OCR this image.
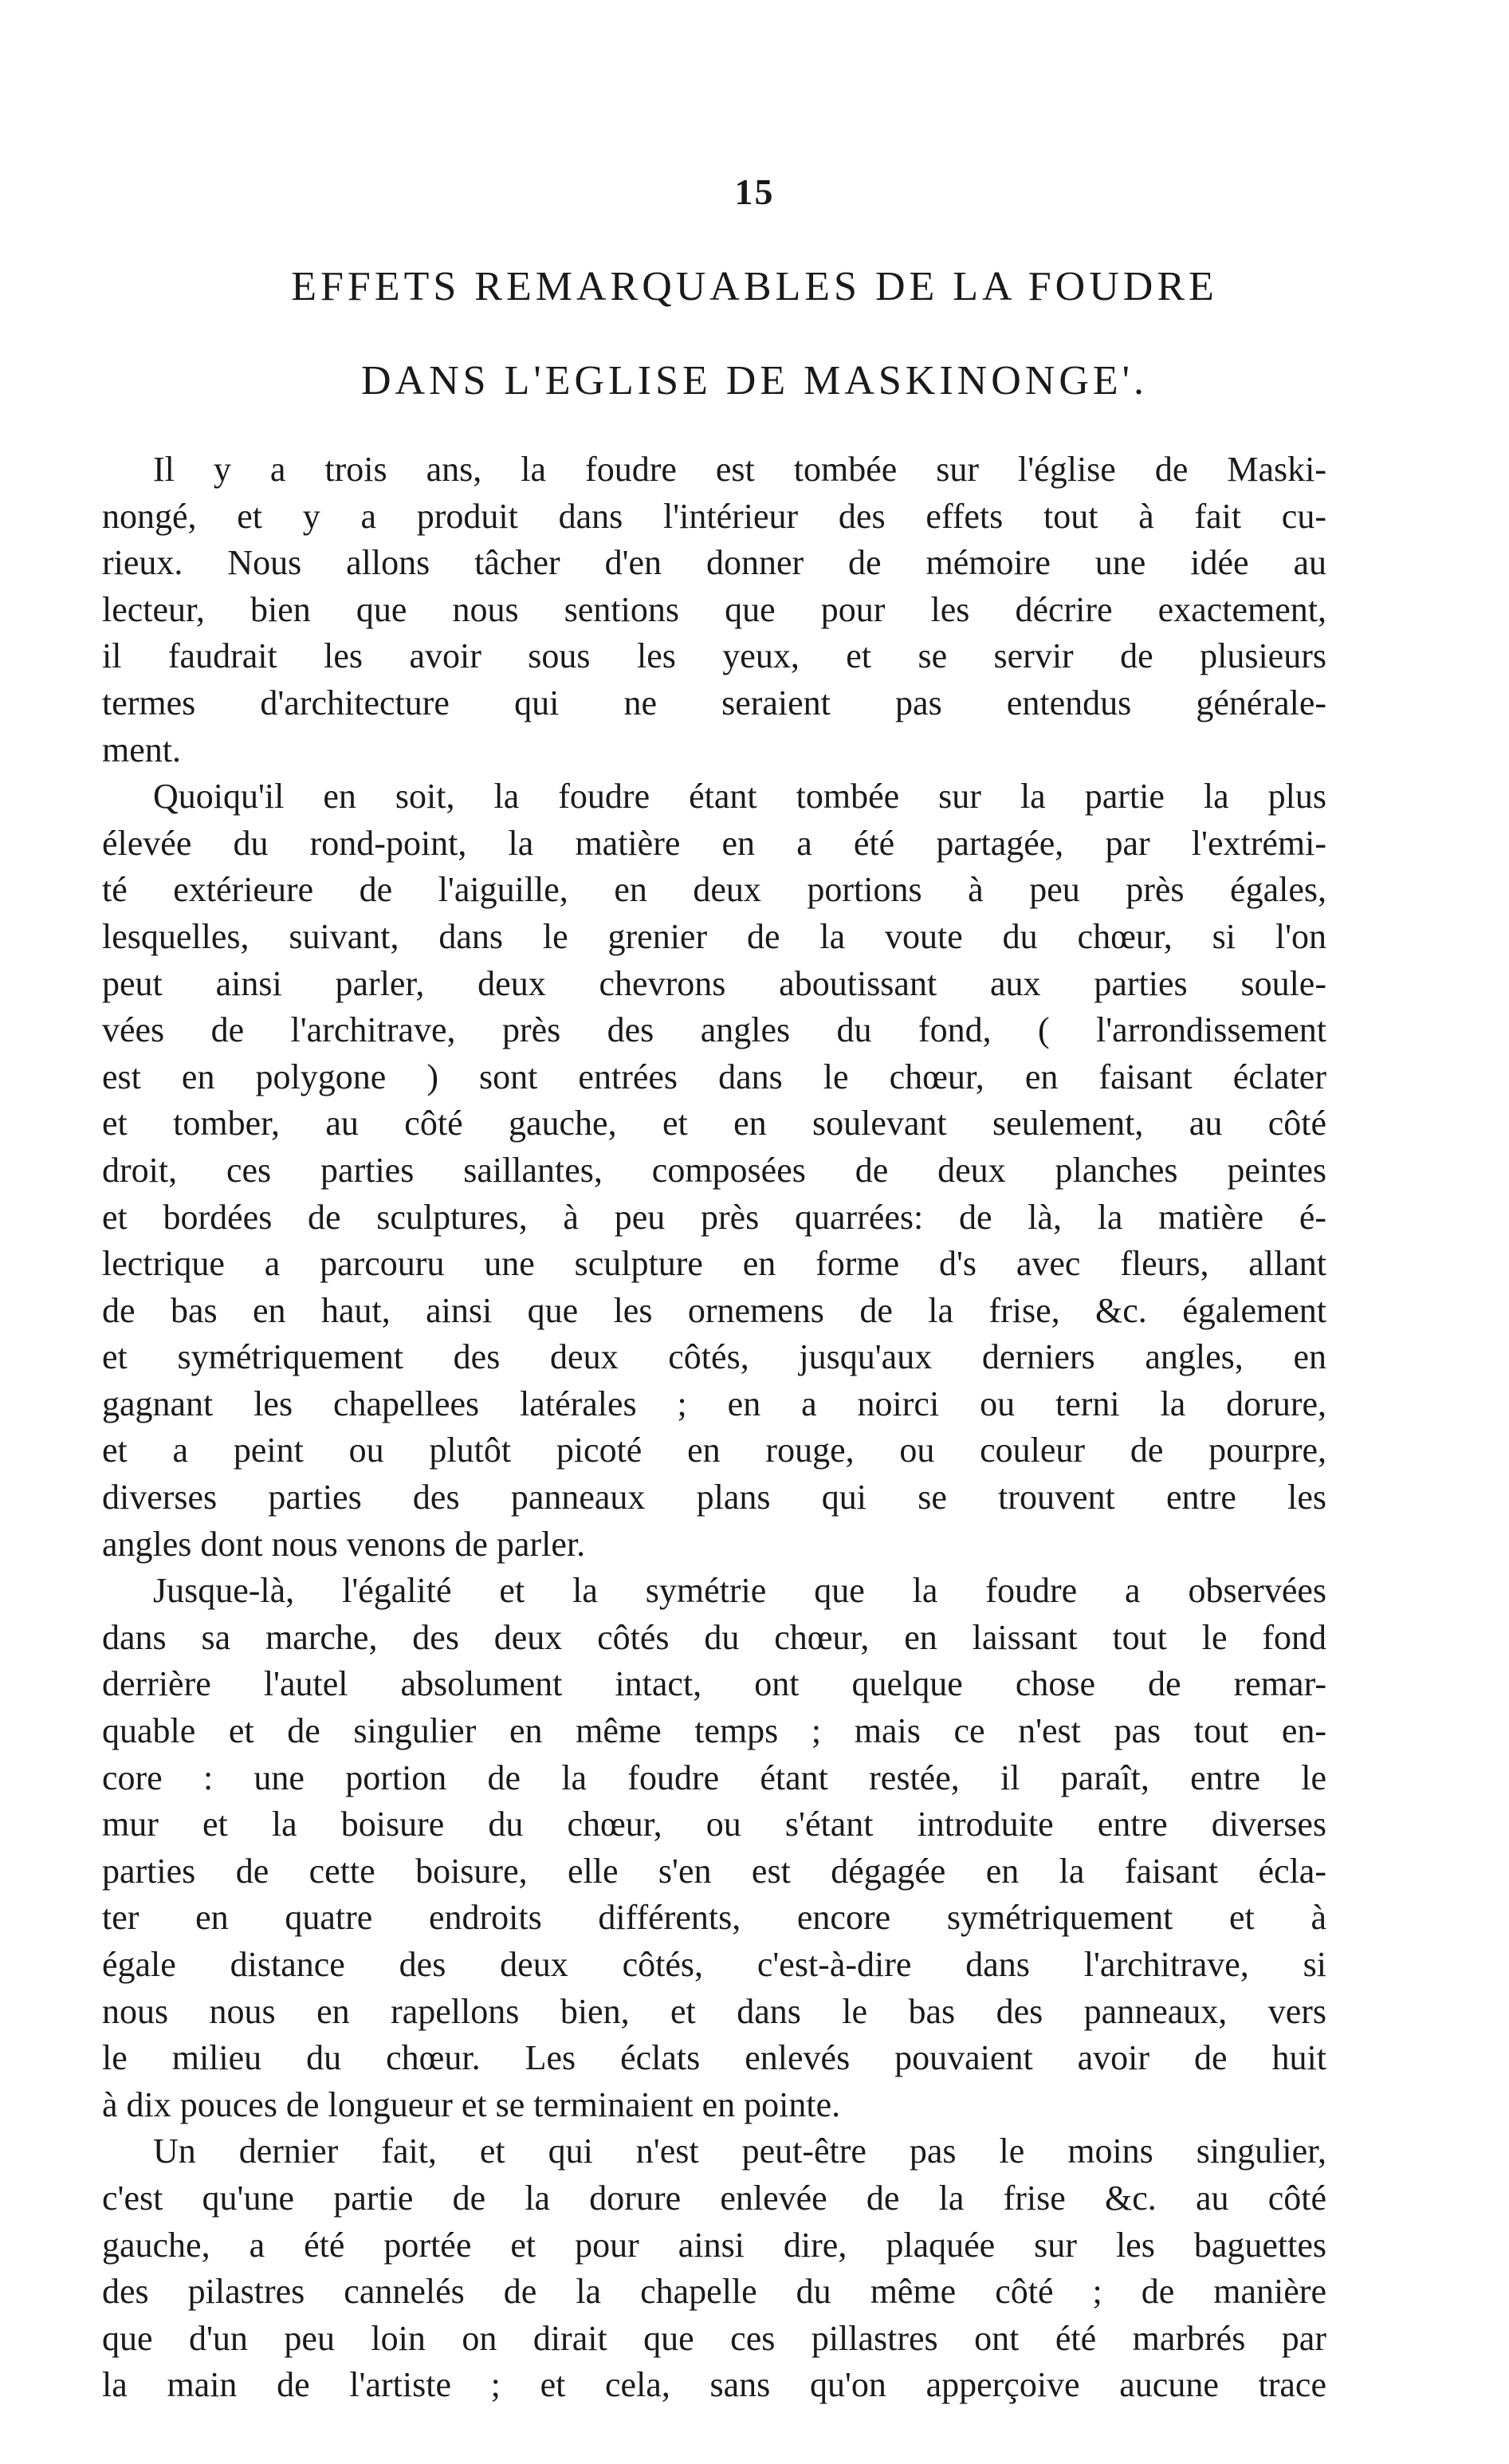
15
EFFETS REMARQUABLES DE LA FOUDRE
DANS L'EGLISE DE MASKINONGE'.
Il y a trois ans, la foudre est tombée sur l'église de Maski-
nongé, et y a produit dans l'intérieur des effets tout à fait cu-
rieux. Nous allons tâcher d'en donner de mémoire une idée au
lecteur, bien que nous sentions que pour les décrire exactement,
il faudrait les avoir sous les yeux, et se servir de plusieurs
termes d'architecture qui ne seraient pas entendus générale-
ment.
Quoiqu'il en soit, la foudre étant tombée sur la partie la plus
élevée du rond-point, la matière en a été partagée, par l'extrémi-
té extérieure de l'aiguille, en deux portions à peu près égales,
lesquelles, suivant, dans le grenier de la voute du chœur, si l'on
peut ainsi parler, deux chevrons aboutissant aux parties soule-
vées de l'architrave, près des angles du fond, ( l'arrondissement
est en polygone ) sont entrées dans le chœur, en faisant éclater
et tomber, au côté gauche, et en soulevant seulement, au côté
droit, ces parties saillantes, composées de deux planches peintes
et bordées de sculptures, à peu près quarrées: de là, la matière é-
lectrique a parcouru une sculpture en forme d's avec fleurs, allant
de bas en haut, ainsi que les ornemens de la frise, &c. également
et symétriquement des deux côtés, jusqu'aux derniers angles, en
gagnant les chapellees latérales ; en a noirci ou terni la dorure,
et a peint ou plutôt picoté en rouge, ou couleur de pourpre,
diverses parties des panneaux plans qui se trouvent entre les
angles dont nous venons de parler.
Jusque-là, l'égalité et la symétrie que la foudre a observées
dans sa marche, des deux côtés du chœur, en laissant tout le fond
derrière l'autel absolument intact, ont quelque chose de remar-
quable et de singulier en même temps ; mais ce n'est pas tout en-
core : une portion de la foudre étant restée, il paraît, entre le
mur et la boisure du chœur, ou s'étant introduite entre diverses
parties de cette boisure, elle s'en est dégagée en la faisant écla-
ter en quatre endroits différents, encore symétriquement et à
égale distance des deux côtés, c'est-à-dire dans l'architrave, si
nous nous en rapellons bien, et dans le bas des panneaux, vers
le milieu du chœur. Les éclats enlevés pouvaient avoir de huit
à dix pouces de longueur et se terminaient en pointe.
Un dernier fait, et qui n'est peut-être pas le moins singulier,
c'est qu'une partie de la dorure enlevée de la frise &c. au côté
gauche, a été portée et pour ainsi dire, plaquée sur les baguettes
des pilastres cannelés de la chapelle du même côté ; de manière
que d'un peu loin on dirait que ces pillastres ont été marbrés par
la main de l'artiste ; et cela, sans qu'on apperçoive aucune trace
